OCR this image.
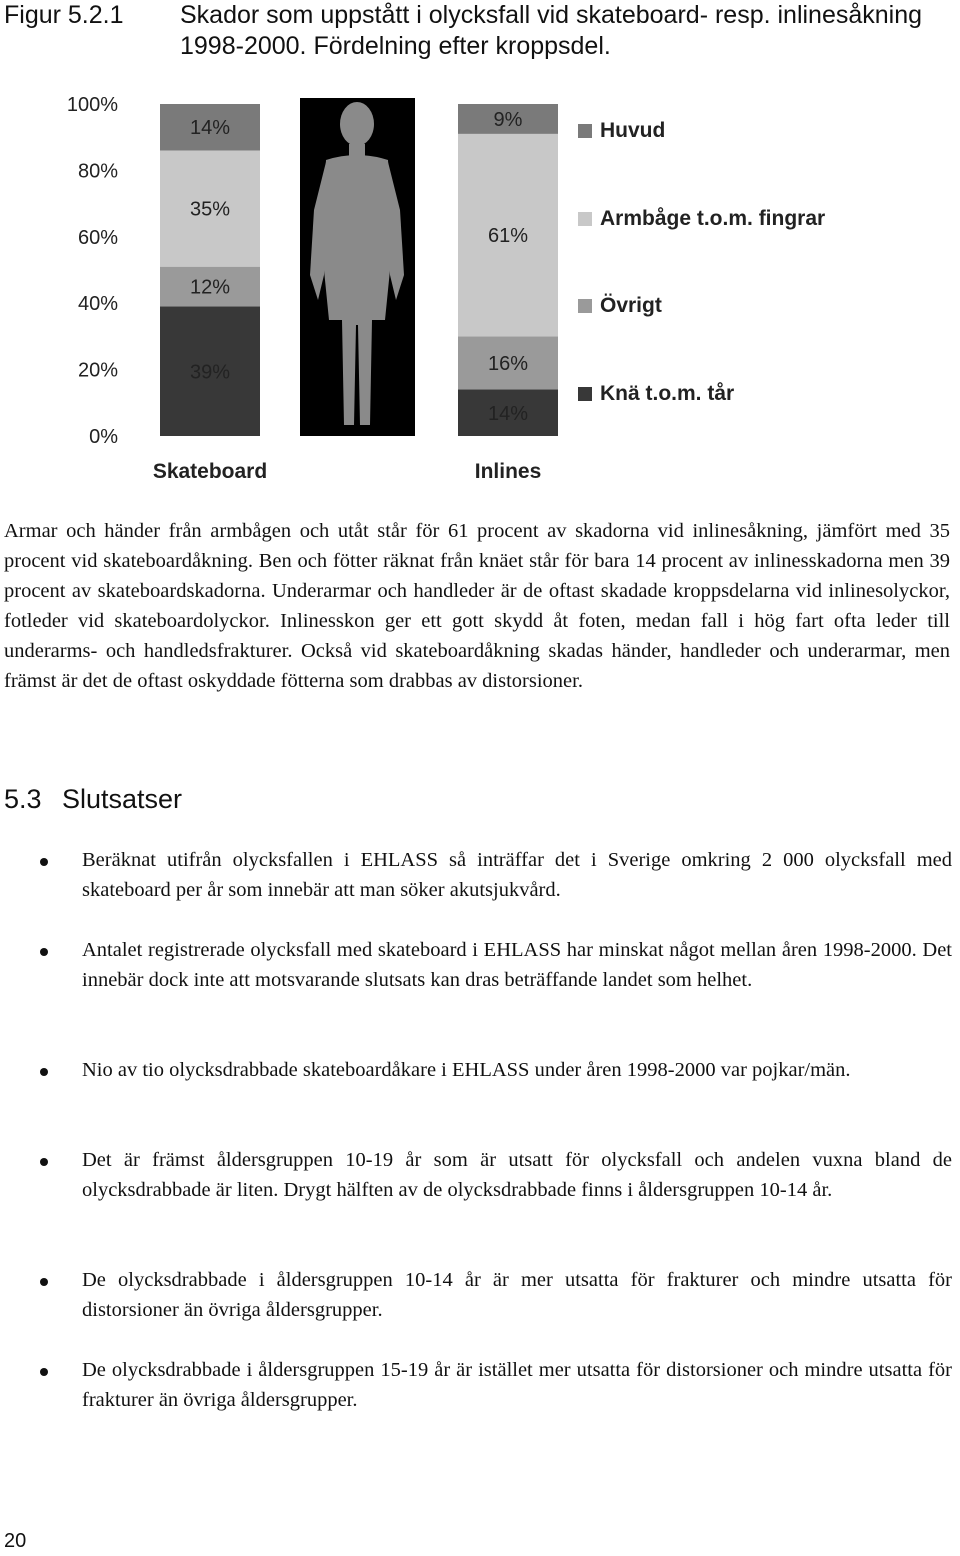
Figur 5.2.1	Skador som uppstått i olycksfall vid skateboard- resp. inlinesåkning 1998-2000. Fördelning efter kroppsdel.
0%
20%
40%
60%
80%
100%
39%
12%
35%
14%
14%
16%
61%
9%
Skateboard	Inlines
Huvud
Armbåge t.o.m. fingrar
Övrigt
Knä t.o.m. tår
Armar och händer från armbågen och utåt står för 61 procent av skadorna vid inlinesåkning, jämfört med 35 procent vid skateboardåkning. Ben och fötter räknat från knäet står för bara 14 procent av inlinesskadorna men 39 procent av skateboardskadorna. Underarmar och handleder är de oftast skadade kroppsdelarna vid inlinesolyckor, fotleder vid skateboardolyckor. Inlinesskon ger ett gott skydd åt foten, medan fall i hög fart ofta leder till underarms- och handledsfrakturer. Också vid skateboardåkning skadas händer, handleder och underarmar, men främst är det de oftast oskyddade fötterna som drabbas av distorsioner.
5.3 Slutsatser
Beräknat utifrån olycksfallen i EHLASS så inträffar det i Sverige omkring 2 000 olycksfall med skateboard per år som innebär att man söker akutsjukvård.
Antalet registrerade olycksfall med skateboard i EHLASS har minskat något mellan åren 1998-2000. Det innebär dock inte att motsvarande slutsats kan dras beträffande landet som helhet.
Nio av tio olycksdrabbade skateboardåkare i EHLASS under åren 1998-2000 var pojkar/män.
Det är främst åldersgruppen 10-19 år som är utsatt för olycksfall och andelen vuxna bland de olycksdrabbade är liten. Drygt hälften av de olycksdrabbade finns i åldersgruppen 10-14 år.
De olycksdrabbade i åldersgruppen 10-14 år är mer utsatta för frakturer och mindre utsatta för distorsioner än övriga åldersgrupper.
De olycksdrabbade i åldersgruppen 15-19 år är istället mer utsatta för distorsioner och mindre utsatta för frakturer än övriga åldersgrupper.
20
